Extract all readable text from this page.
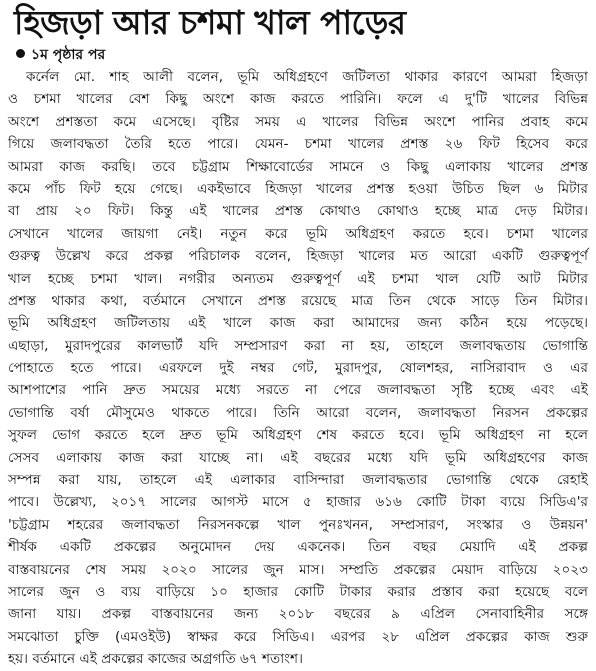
হিজড়া আর চশমা খাল পাড়ের
১ম পৃষ্ঠার পর
কর্নেল মো. শাহ আলী বলেন, ভূমি অধিগ্রহণে জটিলতা থাকার কারণে আমরা হিজড়া
ও চশমা খালের বেশ কিছু অংশে কাজ করতে পারিনি। ফলে এ দু'টি খালের বিভিন্ন
অংশে প্রশস্ততা কমে এসেছে। বৃষ্টির সময় এ খালের বিভিন্ন অংশে পানির প্রবাহ কমে
গিয়ে জলাবদ্ধতা তৈরি হতে পারে। যেমন- চশমা খালের প্রশস্ত ২৬ ফিট হিসেব করে
আমরা কাজ করছি। তবে চট্টগ্রাম শিক্ষাবোর্ডের সামনে ও কিছু এলাকায় খালের প্রশস্ত
কমে পাঁচ ফিট হয়ে গেছে। একইভাবে হিজড়া খালের প্রশস্ত হওয়া উচিত ছিল ৬ মিটার
বা প্রায় ২০ ফিট। কিন্তু এই খালের প্রশস্ত কোথাও কোথাও হচ্ছে মাত্র দেড় মিটার।
সেখানে খালের জায়গা নেই। নতুন করে ভূমি অধিগ্রহণ করতে হবে। চশমা খালের
গুরুত্ব উল্লেখ করে প্রকল্প পরিচালক বলেন, হিজড়া খালের মত আরো একটি গুরুত্বপূর্ণ
খাল হচ্ছে চশমা খাল। নগরীর অন্যতম গুরুত্বপূর্ণ এই চশমা খাল যেটি আট মিটার
প্রশস্ত থাকার কথা, বর্তমানে সেখানে প্রশস্ত রয়েছে মাত্র তিন থেকে সাড়ে তিন মিটার।
ভূমি অধিগ্রহণ জটিলতায় এই খালে কাজ করা আমাদের জন্য কঠিন হয়ে পড়েছে।
এছাড়া, মুরাদপুরের কালভার্ট যদি সম্প্রসারণ করা না হয়, তাহলে জলাবদ্ধতায় ভোগান্তি
পোহাতে হতে পারে। এরফলে দুই নম্বর গেট, মুরাদপুর, ষোলশহর, নাসিরাবাদ ও এর
আশপাশের পানি দ্রুত সময়ের মধ্যে সরতে না পেরে জলাবদ্ধতা সৃষ্টি হচ্ছে এবং এই
ভোগান্তি বর্ষা মৌসুমেও থাকতে পারে। তিনি আরো বলেন, জলাবদ্ধতা নিরসন প্রকল্পের
সুফল ভোগ করতে হলে দ্রুত ভূমি অধিগ্রহণ শেষ করতে হবে। ভূমি অধিগ্রহণ না হলে
সেসব এলাকায় কাজ করা যাচ্ছে না। এই বছরের মধ্যে যদি ভূমি অধিগ্রহণের কাজ
সম্পন্ন করা যায়, তাহলে এই এলাকার বাসিন্দারা জলাবদ্ধতার ভোগান্তি থেকে রেহাই
পাবে। উল্লেখ্য, ২০১৭ সালের আগস্ট মাসে ৫ হাজার ৬১৬ কোটি টাকা ব্যয়ে সিডিএ'র
'চট্টগ্রাম শহরের জলাবদ্ধতা নিরসনকল্পে খাল পুনঃখনন, সম্প্রসারণ, সংস্কার ও উন্নয়ন'
শীর্ষক একটি প্রকল্পের অনুমোদন দেয় একনেক। তিন বছর মেয়াদি এই প্রকল্প
বাস্তবায়নের শেষ সময় ২০২০ সালের জুন মাস। সম্প্রতি প্রকল্পের মেয়াদ বাড়িয়ে ২০২৩
সালের জুন ও ব্যয় বাড়িয়ে ১০ হাজার কোটি টাকার করার প্রস্তাব করা হয়েছে বলে
জানা যায়। প্রকল্প বাস্তবায়নের জন্য ২০১৮ বছরের ৯ এপ্রিল সেনাবাহিনীর সঙ্গে
সমঝোতা চুক্তি (এমওইউ) স্বাক্ষর করে সিডিএ। এরপর ২৮ এপ্রিল প্রকল্পের কাজ শুরু
হয়। বর্তমানে এই প্রকল্পের কাজের অগ্রগতি ৬৭ শতাংশ।
